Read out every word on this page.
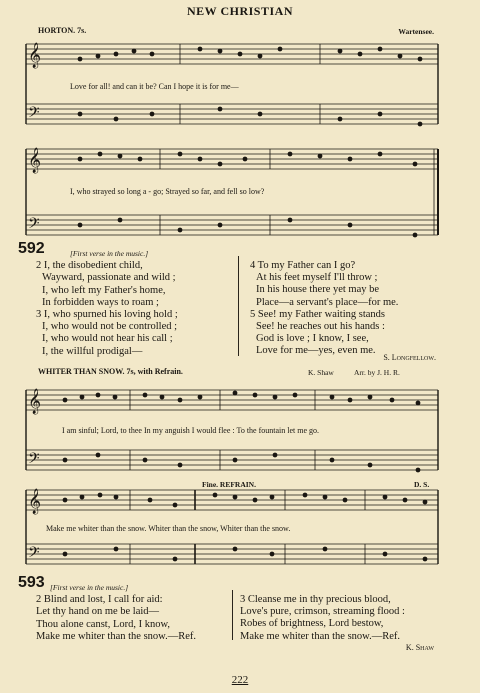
NEW CHRISTIAN
HORTON. 7s.	Wartensee.
𝄞
𝄢
Love for all! and can it be? Can I hope it is for me—
𝄞
𝄢
I, who strayed so long a - go; Strayed so far, and fell so low?
592	[First verse in the music.]
2 I, the disobedient child,
Wayward, passionate and wild ;
I, who left my Father's home,
In forbidden ways to roam ;
3 I, who spurned his loving hold ;
I, who would not be controlled ;
I, who would not hear his call ;
I, the willful prodigal—
4 To my Father can I go?
At his feet myself I'll throw ;
In his house there yet may be
Place—a servant's place—for me.
5 See! my Father waiting stands
See! he reaches out his hands :
God is love ; I know, I see,
Love for me—yes, even me.
S. Longfellow.
WHITER THAN SNOW. 7s, with Refrain.	K. Shaw	Arr. by J. H. R.
𝄞
𝄢
I am sinful; Lord, to thee In my anguish I would flee : To the fountain let me go.
𝄞
𝄢
Fine. REFRAIN.	D. S.
Make me whiter than the snow. Whiter than the snow, Whiter than the snow.
593 [First verse in the music.]
2 Blind and lost, I call for aid:
Let thy hand on me be laid—
Thou alone canst, Lord, I know,
Make me whiter than the snow.—Ref.
3 Cleanse me in thy precious blood,
Love's pure, crimson, streaming flood :
Robes of brightness, Lord bestow,
Make me whiter than the snow.—Ref.
K. Shaw
222
